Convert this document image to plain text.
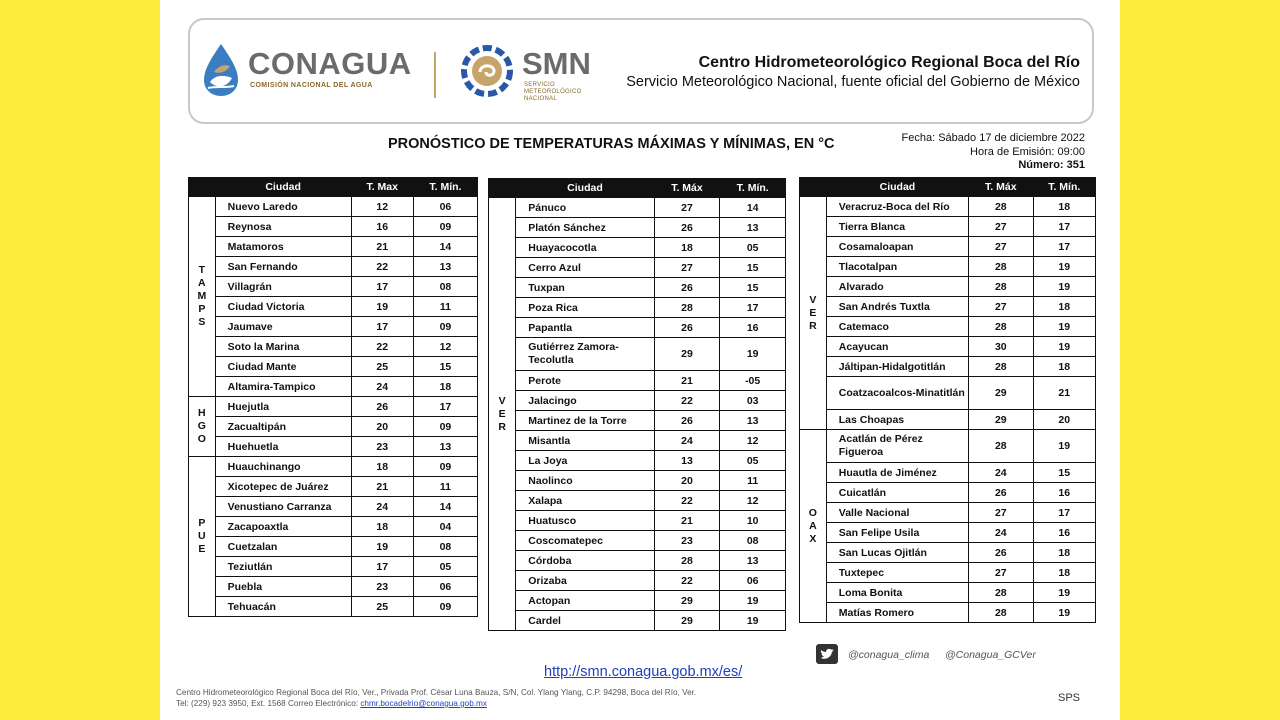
CONAGUA
COMISIÓN NACIONAL DEL AGUA
SMN
SERVICIO METEOROLÓGICO NACIONAL
Centro Hidrometeorológico Regional Boca del Río
Servicio Meteorológico Nacional, fuente oficial del Gobierno de México
PRONÓSTICO DE TEMPERATURAS MÁXIMAS Y MÍNIMAS, EN °C	Fecha: Sábado 17 de diciembre 2022
Hora de Emisión: 09:00
Número: 351
	Ciudad	T. Max	T. Mín.
T
A
M
P
S	Nuevo Laredo	12	06
	Reynosa	16	09
	Matamoros	21	14
	San Fernando	22	13
	Villagrán	17	08
	Ciudad Victoria	19	11
	Jaumave	17	09
	Soto la Marina	22	12
	Ciudad Mante	25	15
	Altamira-Tampico	24	18
H
G
O	Huejutla	26	17
	Zacualtipán	20	09
	Huehuetla	23	13
P
U
E	Huauchinango	18	09
	Xicotepec de Juárez	21	11
	Venustiano Carranza	24	14
	Zacapoaxtla	18	04
	Cuetzalan	19	08
	Teziutlán	17	05
	Puebla	23	06
	Tehuacán	25	09
	Ciudad	T. Máx	T. Mín.
V
E
R	Pánuco	27	14
	Platón Sánchez	26	13
	Huayacocotla	18	05
	Cerro Azul	27	15
	Tuxpan	26	15
	Poza Rica	28	17
	Papantla	26	16
	Gutiérrez Zamora-Tecolutla	29	19
	Perote	21	-05
	Jalacingo	22	03
	Martinez de la Torre	26	13
	Misantla	24	12
	La Joya	13	05
	Naolinco	20	11
	Xalapa	22	12
	Huatusco	21	10
	Coscomatepec	23	08
	Córdoba	28	13
	Orizaba	22	06
	Actopan	29	19
	Cardel	29	19
	Ciudad	T. Máx	T. Mín.
V
E
R	Veracruz-Boca del Río	28	18
	Tierra Blanca	27	17
	Cosamaloapan	27	17
	Tlacotalpan	28	19
	Alvarado	28	19
	San Andrés Tuxtla	27	18
	Catemaco	28	19
	Acayucan	30	19
	Jáltipan-Hidalgotitlán	28	18
	Coatzacoalcos-Minatitlán	29	21
	Las Choapas	29	20
O
A
X	Acatlán de Pérez Figueroa	28	19
	Huautla de Jiménez	24	15
	Cuicatlán	26	16
	Valle Nacional	27	17
	San Felipe Usila	24	16
	San Lucas Ojitlán	26	18
	Tuxtepec	27	18
	Loma Bonita	28	19
	Matías Romero	28	19
@conagua_clima @Conagua_GCVer
http://smn.conagua.gob.mx/es/
Centro Hidrometeorológico Regional Boca del Río, Ver., Privada Prof. César Luna Bauza, S/N, Col. Ylang Ylang, C.P. 94298, Boca del Río, Ver.
Tel: (229) 923 3950, Ext. 1568 Correo Electrónico: chmr.bocadelrio@conagua.gob.mx	SPS
